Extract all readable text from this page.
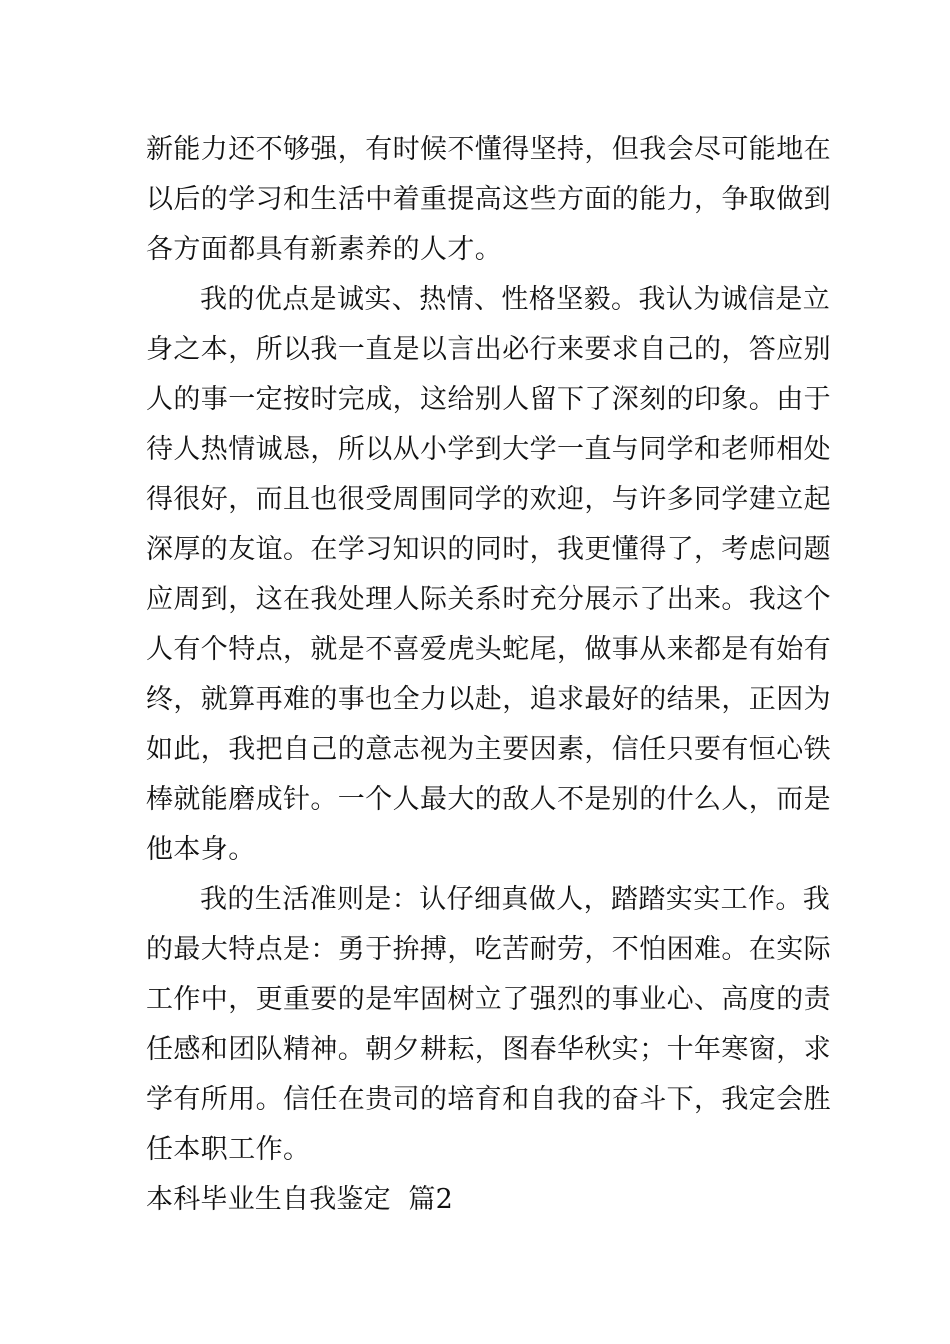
新能力还不够强，有时候不懂得坚持，但我会尽可能地在
以后的学习和生活中着重提高这些方面的能力，争取做到
各方面都具有新素养的人才。
我的优点是诚实、热情、性格坚毅。我认为诚信是立
身之本，所以我一直是以言出必行来要求自己的，答应别
人的事一定按时完成，这给别人留下了深刻的印象。由于
待人热情诚恳，所以从小学到大学一直与同学和老师相处
得很好，而且也很受周围同学的欢迎，与许多同学建立起
深厚的友谊。在学习知识的同时，我更懂得了，考虑问题
应周到，这在我处理人际关系时充分展示了出来。我这个
人有个特点，就是不喜爱虎头蛇尾，做事从来都是有始有
终，就算再难的事也全力以赴，追求最好的结果，正因为
如此，我把自己的意志视为主要因素，信任只要有恒心铁
棒就能磨成针。一个人最大的敌人不是别的什么人，而是
他本身。
我的生活准则是：认仔细真做人，踏踏实实工作。我
的最大特点是：勇于拚搏，吃苦耐劳，不怕困难。在实际
工作中，更重要的是牢固树立了强烈的事业心、高度的责
任感和团队精神。朝夕耕耘，图春华秋实；十年寒窗，求
学有所用。信任在贵司的培育和自我的奋斗下，我定会胜
任本职工作。
本科毕业生自我鉴定  篇2
